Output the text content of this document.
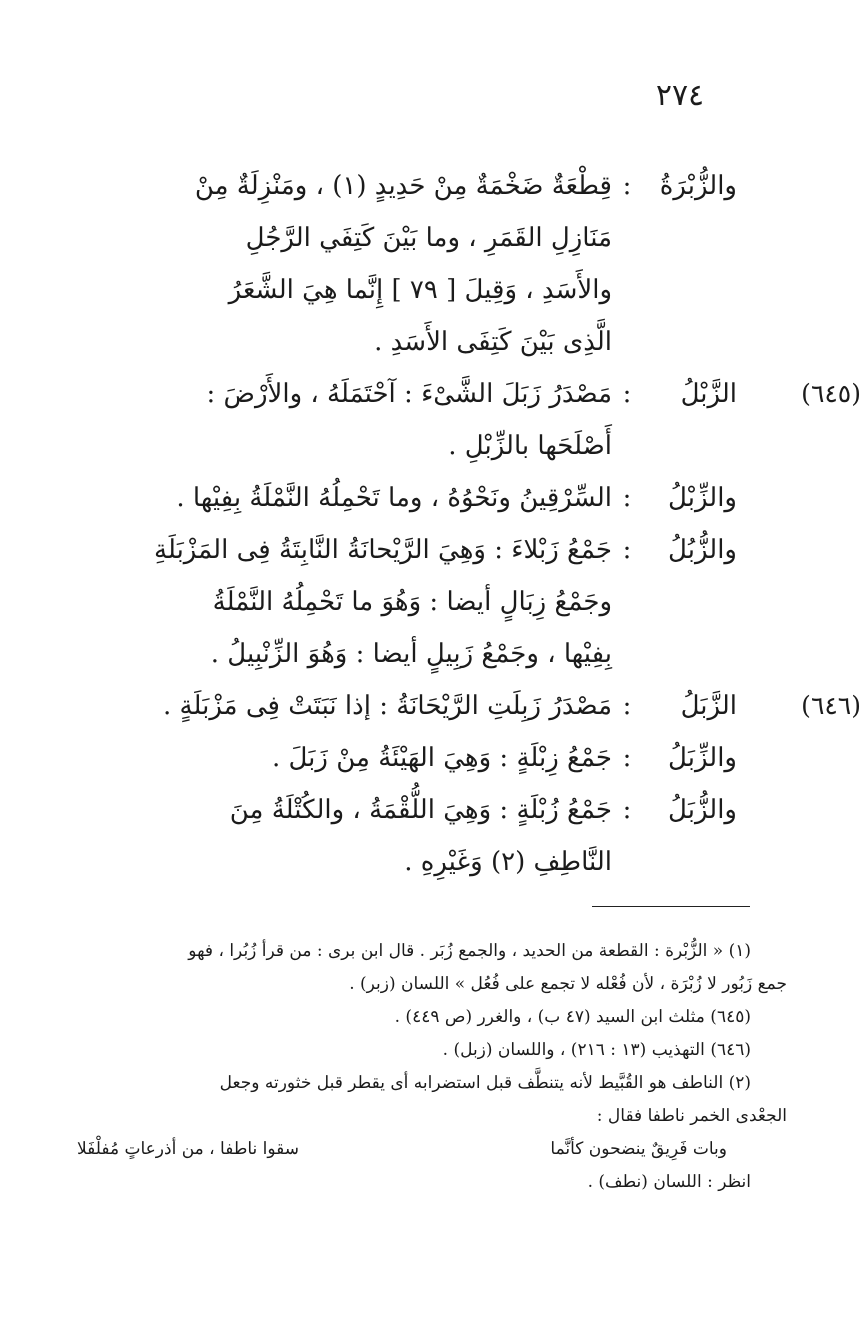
٢٧٤
والزُّبْرَةُ
:
قِطْعَةٌ ضَخْمَةٌ مِنْ حَدِيدٍ (١) ، ومَنْزِلَةٌ مِنْ
مَنَازِلِ القَمَرِ ، وما بَيْنَ كَتِفَي الرَّجُلِ
والأَسَدِ ، وَقِيلَ [ ٧٩ ] إِنَّما هِيَ الشَّعَرُ
الَّذِى بَيْنَ كَتِفَى الأَسَدِ .
(٦٤٥)
الزَّبْلُ
:
مَصْدَرُ زَبَلَ الشَّىْءَ : آحْتَمَلَهُ ، والأَرْضَ :
أَصْلَحَها بالزِّبْلِ .
والزِّبْلُ
:
السِّرْقِينُ ونَحْوُهُ ، وما تَحْمِلُهُ النَّمْلَةُ بِفِيْها .
والزُّبُلُ
:
جَمْعُ زَبْلاءَ : وَهِيَ الرَّيْحانَةُ النَّابِتَةُ فِى المَزْبَلَةِ
وجَمْعُ زِبَالٍ أيضا : وَهُوَ ما تَحْمِلُهُ النَّمْلَةُ
بِفِيْها ، وجَمْعُ زَبِيلٍ أيضا : وَهُوَ الزِّنْبِيلُ .
(٦٤٦)
الزَّبَلُ
:
مَصْدَرُ زَبِلَتِ الرَّيْحَانَةُ : إذا نَبَتَتْ فِى مَزْبَلَةٍ .
والزِّبَلُ
:
جَمْعُ زِبْلَةٍ : وَهِيَ الهَيْئَةُ مِنْ زَبَلَ .
والزُّبَلُ
:
جَمْعُ زُبْلَةٍ : وَهِيَ اللُّقْمَةُ ، والكُتْلَةُ مِنَ
النَّاطِفِ (٢) وَغَيْرِهِ .
(١) « الزُّبْرة : القطعة من الحديد ، والجمع زُبَر . قال ابن برى : من قرأ زُبُرا ، فهو
جمع زَبُور لا زُبْرَة ، لأن فُعْله لا تجمع على فُعُل » اللسان (زبر) .
(٦٤٥) مثلث ابن السيد (٤٧ ب) ، والغرر (ص ٤٤٩) .
(٦٤٦) التهذيب (١٣ : ٢١٦) ، واللسان (زبل) .
(٢) الناطف هو القُبَّيط لأنه يتنطَّف قبل استضرابه أى يقطر قبل خثورته وجعل
الجعْدى الخمر ناطفا فقال :
وبات فَرِيقٌ ينضحون كأنَّما
سقوا ناطفا ، من أذرعاتٍ مُفلْفَلا
انظر : اللسان (نطف) .
